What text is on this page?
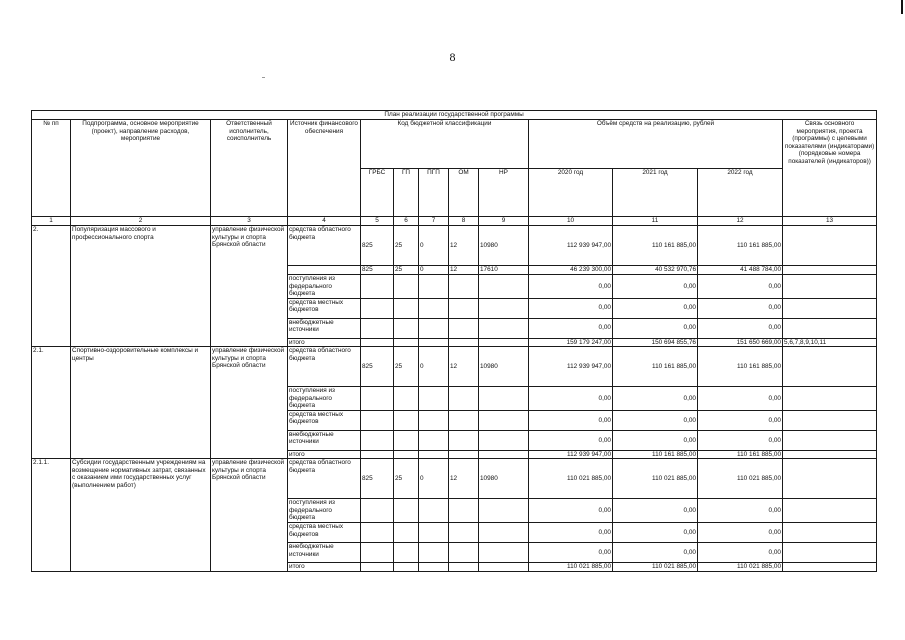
8
План реализации государственной программы												
№ пп	Подпрограмма, основное мероприятие (проект), направление расходов, мероприятие	Ответственный исполнитель, соисполнитель	Источник финансового обеспечения	Код бюджетной классификации					Объём средств на реализацию, рублей			Связь основного мероприятия, проекта (программы) с целевыми показателями (индикаторами) (порядковые номера показателей (индикаторов))
				ГРБС	ГП	ПГП	ОМ	НР	2020 год	2021 год	2022 год	
1	2	3	4	5	6	7	8	9	10	11	12	13
2.	Популяризация массового и профессионального спорта	управление физической культуры и спорта Брянской области	средства областного бюджета	825	25	0	12	10980	112 939 947,00	110 161 885,00	110 161 885,00	
				825	25	0	12	17610	46 239 300,00	40 532 970,76	41 488 784,00	
			поступления из федерального бюджета						0,00	0,00	0,00	
			средства местных бюджетов						0,00	0,00	0,00	
			внебюджетные источники						0,00	0,00	0,00	
			итого						159 179 247,00	150 694 855,76	151 650 669,00	5,6,7,8,9,10,11
2.1.	Спортивно-оздоровительные комплексы и центры	управление физической культуры и спорта Брянской области	средства областного бюджета	825	25	0	12	10980	112 939 947,00	110 161 885,00	110 161 885,00	
			поступления из федерального бюджета						0,00	0,00	0,00	
			средства местных бюджетов						0,00	0,00	0,00	
			внебюджетные источники						0,00	0,00	0,00	
			итого						112 939 947,00	110 161 885,00	110 161 885,00	
2.1.1.	Субсидии государственным учреждениям на возмещение нормативных затрат, связанных с оказанием ими государственных услуг (выполнением работ)	управление физической культуры и спорта Брянской области	средства областного бюджета	825	25	0	12	10980	110 021 885,00	110 021 885,00	110 021 885,00	
			поступления из федерального бюджета						0,00	0,00	0,00	
			средства местных бюджетов						0,00	0,00	0,00	
			внебюджетные источники						0,00	0,00	0,00	
			итого						110 021 885,00	110 021 885,00	110 021 885,00	
